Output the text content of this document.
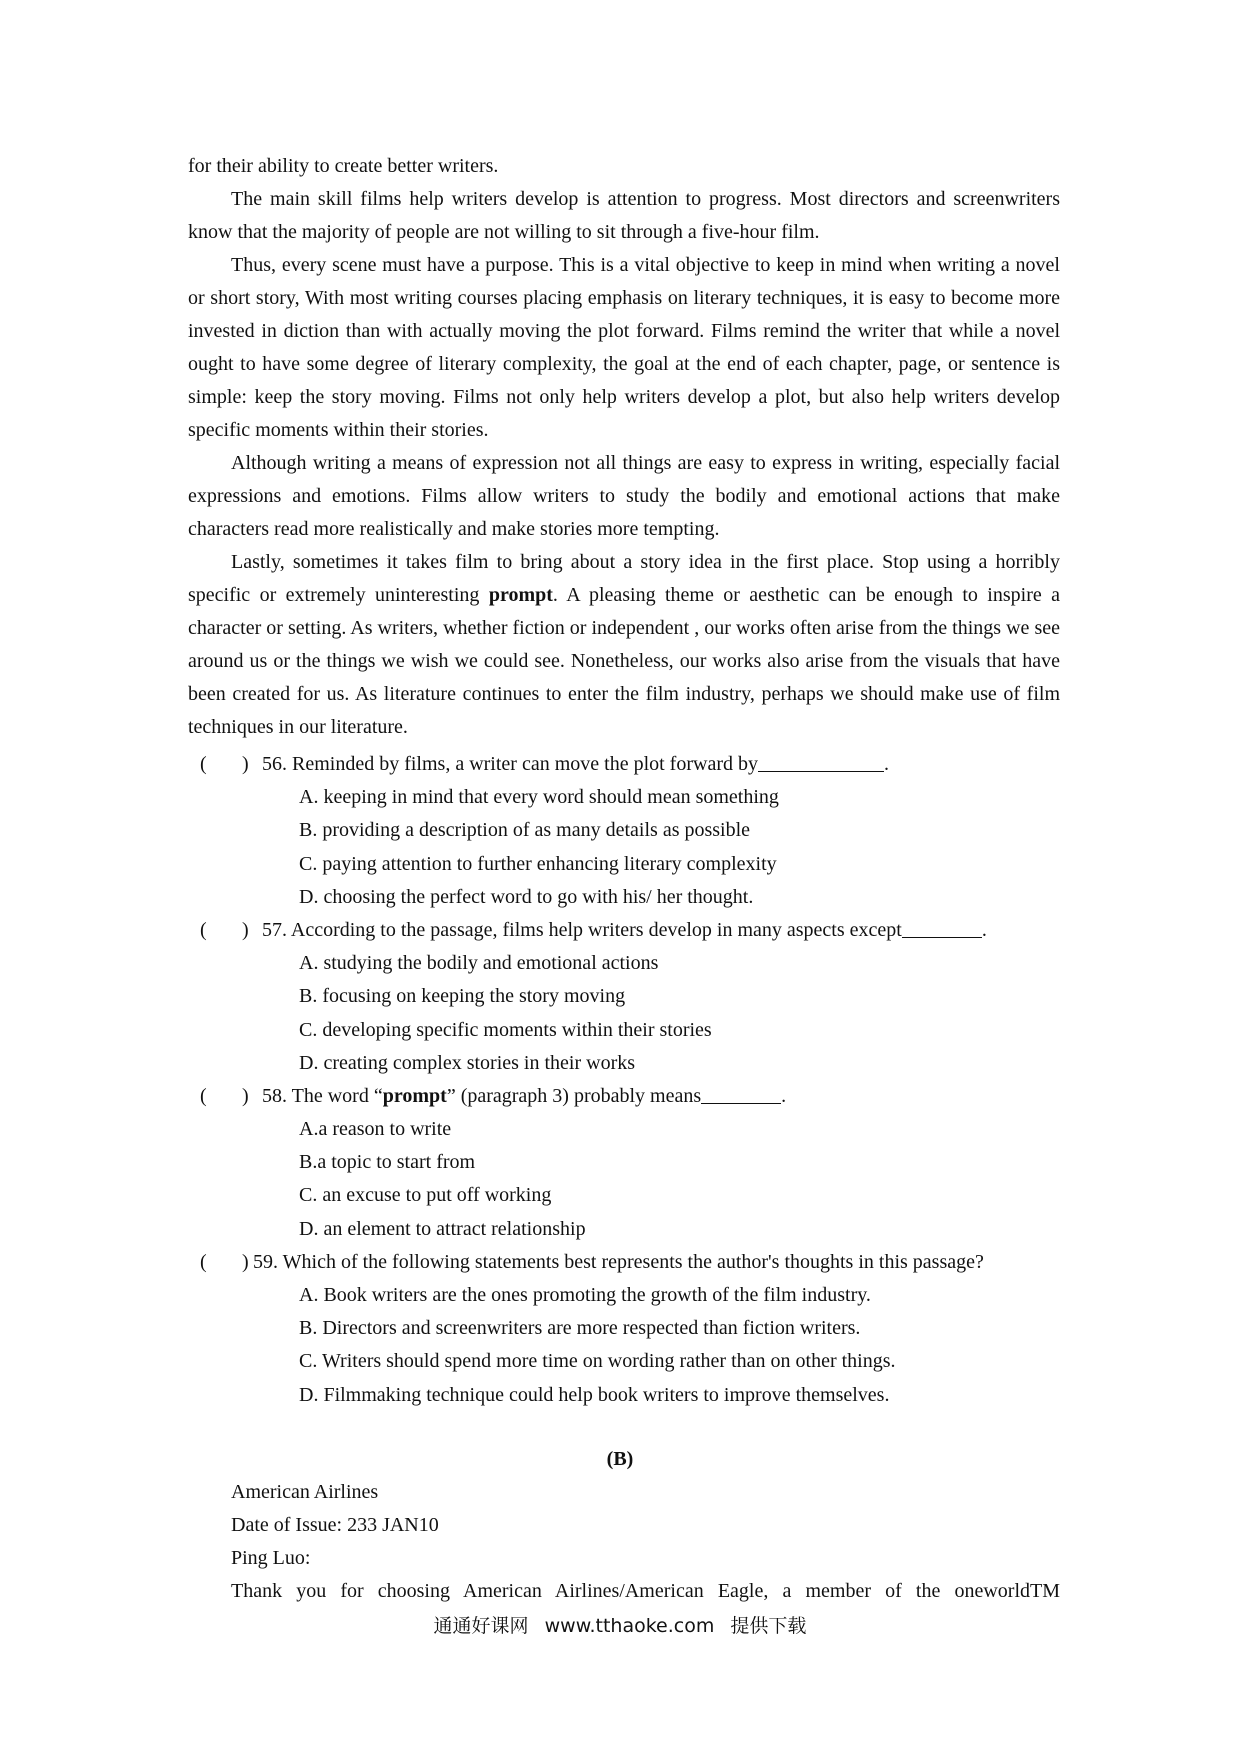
for their ability to create better writers.

The main skill films help writers develop is attention to progress. Most directors and screenwriters know that the majority of people are not willing to sit through a five-hour film.

Thus, every scene must have a purpose. This is a vital objective to keep in mind when writing a novel or short story, With most writing courses placing emphasis on literary techniques, it is easy to become more invested in diction than with actually moving the plot forward. Films remind the writer that while a novel ought to have some degree of literary complexity, the goal at the end of each chapter, page, or sentence is simple: keep the story moving. Films not only help writers develop a plot, but also help writers develop specific moments within their stories.

Although writing a means of expression not all things are easy to express in writing, especially facial expressions and emotions. Films allow writers to study the bodily and emotional actions that make characters read more realistically and make stories more tempting.

Lastly, sometimes it takes film to bring about a story idea in the first place. Stop using a horribly specific or extremely uninteresting prompt. A pleasing theme or aesthetic can be enough to inspire a character or setting. As writers, whether fiction or independent , our works often arise from the things we see around us or the things we wish we could see. Nonetheless, our works also arise from the visuals that have been created for us. As literature continues to enter the film industry, perhaps we should make use of film techniques in our literature.

( ) 56. Reminded by films, a writer can move the plot forward by	.
A. keeping in mind that every word should mean something
B. providing a description of as many details as possible
C. paying attention to further enhancing literary complexity
D. choosing the perfect word to go with his/ her thought.
( ) 57. According to the passage, films help writers develop in many aspects except	.
A. studying the bodily and emotional actions
B. focusing on keeping the story moving
C. developing specific moments within their stories
D. creating complex stories in their works
( ) 58. The word “prompt” (paragraph 3) probably means	.
A.a reason to write
B.a topic to start from
C. an excuse to put off working
D. an element to attract relationship
( ) 59. Which of the following statements best represents the author's thoughts in this passage?
A. Book writers are the ones promoting the growth of the film industry.
B. Directors and screenwriters are more respected than fiction writers.
C. Writers should spend more time on wording rather than on other things.
D. Filmmaking technique could help book writers to improve themselves.
(B)
American Airlines
Date of Issue: 233 JAN10
Ping Luo:
Thank you for choosing American Airlines/American Eagle, a member of the oneworldTM
通通好课网 www.tthaoke.com 提供下载
